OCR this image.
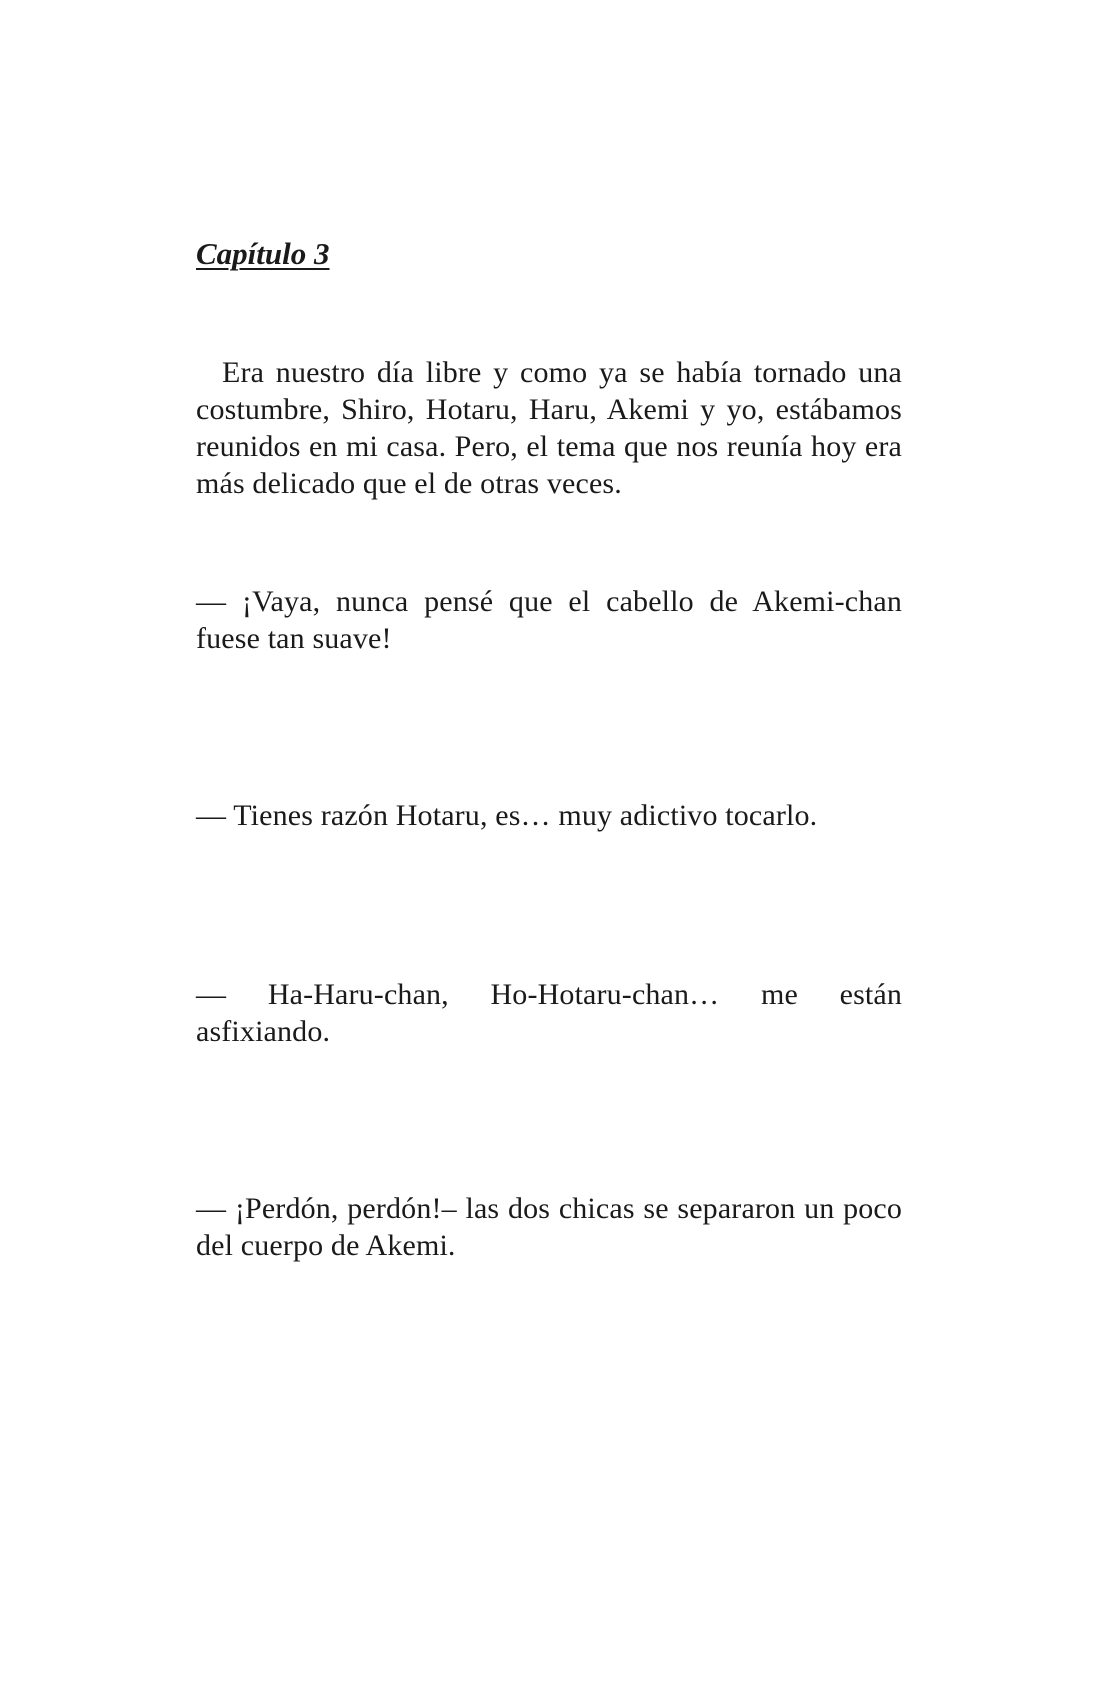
Capítulo 3

Era nuestro día libre y como ya se había tornado una costumbre, Shiro, Hotaru, Haru, Akemi y yo, estábamos reunidos en mi casa. Pero, el tema que nos reunía hoy era más delicado que el de otras veces.

— ¡Vaya, nunca pensé que el cabello de Akemi-chan fuese tan suave!

— Tienes razón Hotaru, es… muy adictivo tocarlo.

— Ha-Haru-chan, Ho-Hotaru-chan… me están asfixiando.

— ¡Perdón, perdón!– las dos chicas se separaron un poco del cuerpo de Akemi.
